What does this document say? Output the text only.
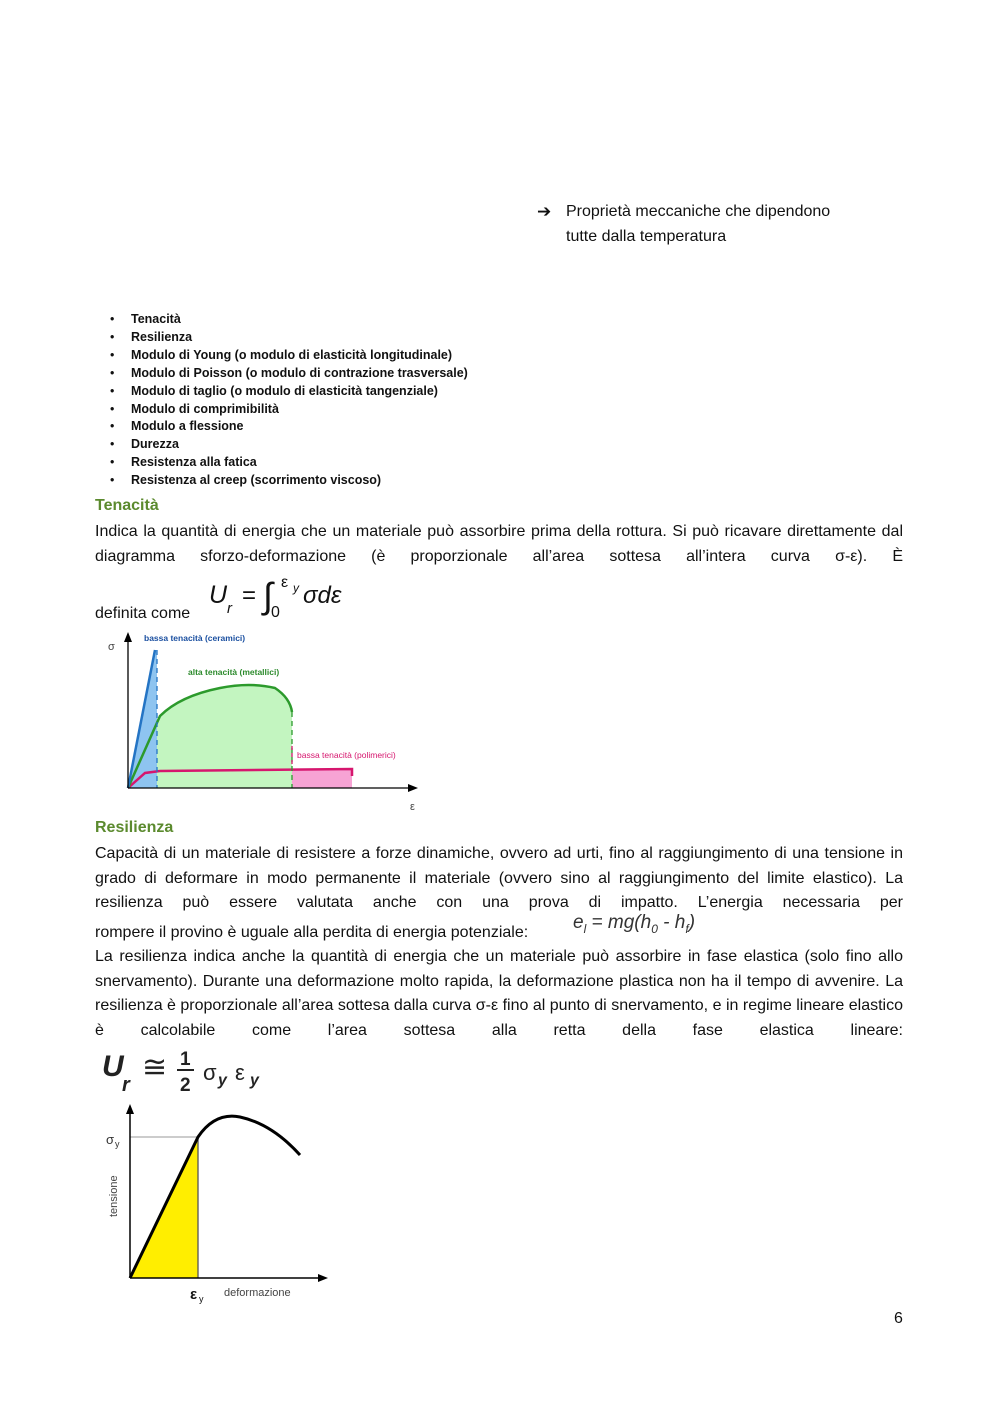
➔ Proprietà meccaniche che dipendono
tutte dalla temperatura
• Tenacità
• Resilienza
• Modulo di Young (o modulo di elasticità longitudinale)
• Modulo di Poisson (o modulo di contrazione trasversale)
• Modulo di taglio (o modulo di elasticità tangenziale)
• Modulo di comprimibilità
• Modulo a flessione
• Durezza
• Resistenza alla fatica
• Resistenza al creep (scorrimento viscoso)
Tenacità
Indica la quantità di energia che un materiale può assorbire prima della rottura. Si può ricavare direttamente dal diagramma sforzo-deformazione (è proporzionale all’area sottesa all’intera curva σ-ε). È
definita come
U r = ∫ ε y
0
σdε
σ
ε
bassa tenacità (ceramici)
alta tenacità (metallici)
bassa tenacità (polimerici)
Resilienza
Capacità di un materiale di resistere a forze dinamiche, ovvero ad urti, fino al raggiungimento di una tensione in grado di deformare in modo permanente il materiale (ovvero sino al raggiungimento del limite elastico). La resilienza può essere valutata anche con una prova di impatto. L’energia necessaria per
rompere il provino è uguale alla perdita di energia potenziale: $e_l = mg(h_0 - h_f)$
La resilienza indica anche la quantità di energia che un materiale può assorbire in fase elastica (solo fino allo snervamento). Durante una deformazione molto rapida, la deformazione plastica non ha il tempo di avvenire. La resilienza è proporzionale all’area sottesa dalla curva σ-ε fino al punto di snervamento, e in regime lineare elastico è calcolabile come l’area sottesa alla retta della fase elastica lineare:
U
r
≅ 1
2
σ y ε y
σ y
tensione
ε y deformazione
6
